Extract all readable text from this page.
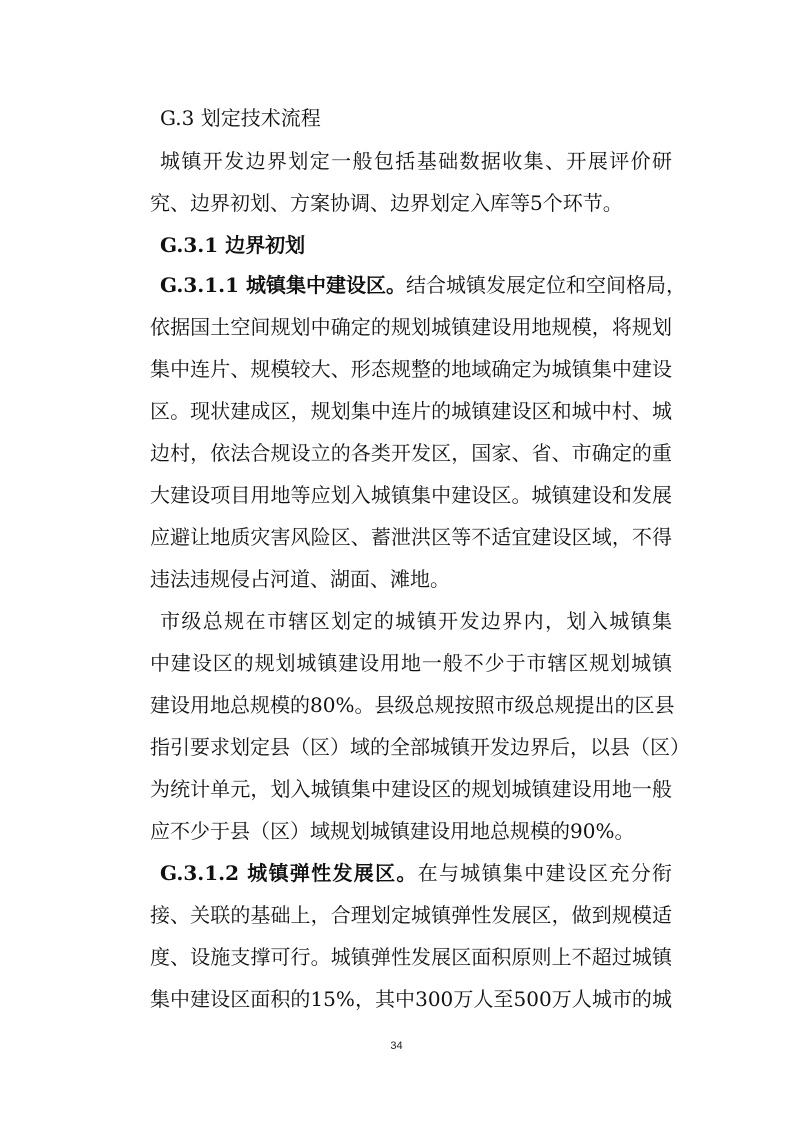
G.3 划定技术流程
城镇开发边界划定一般包括基础数据收集、开展评价研
究、边界初划、方案协调、边界划定入库等5个环节。
G.3.1 边界初划
G.3.1.1 城镇集中建设区。结合城镇发展定位和空间格局，
依据国土空间规划中确定的规划城镇建设用地规模，将规划
集中连片、规模较大、形态规整的地域确定为城镇集中建设
区。现状建成区，规划集中连片的城镇建设区和城中村、城
边村，依法合规设立的各类开发区，国家、省、市确定的重
大建设项目用地等应划入城镇集中建设区。城镇建设和发展
应避让地质灾害风险区、蓄泄洪区等不适宜建设区域，不得
违法违规侵占河道、湖面、滩地。
市级总规在市辖区划定的城镇开发边界内，划入城镇集
中建设区的规划城镇建设用地一般不少于市辖区规划城镇
建设用地总规模的80%。县级总规按照市级总规提出的区县
指引要求划定县（区）域的全部城镇开发边界后，以县（区）
为统计单元，划入城镇集中建设区的规划城镇建设用地一般
应不少于县（区）域规划城镇建设用地总规模的90%。
G.3.1.2 城镇弹性发展区。在与城镇集中建设区充分衔
接、关联的基础上，合理划定城镇弹性发展区，做到规模适
度、设施支撑可行。城镇弹性发展区面积原则上不超过城镇
集中建设区面积的15%，其中300万人至500万人城市的城
34
